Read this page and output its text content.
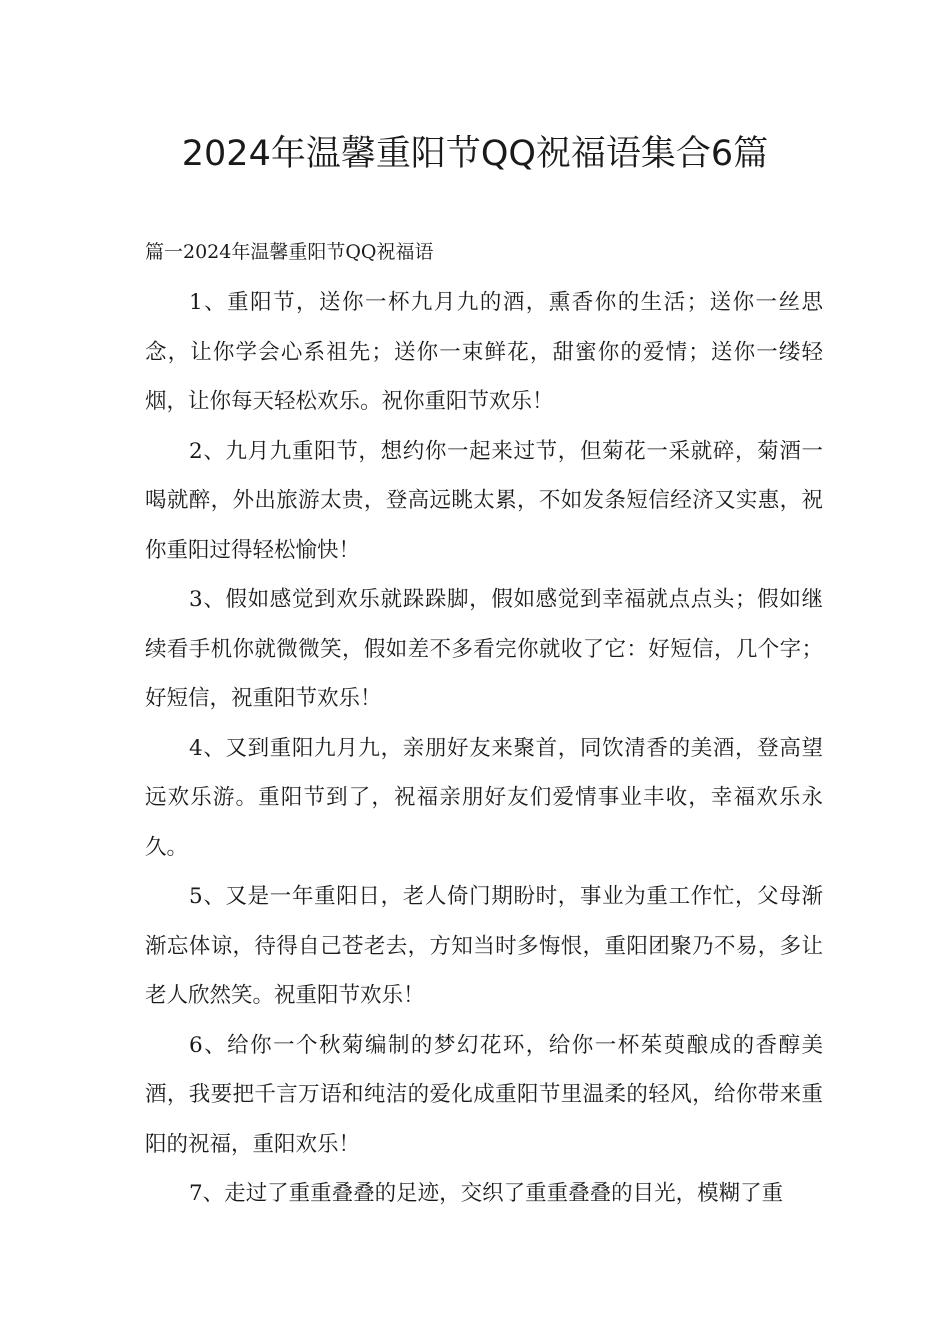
2024年温馨重阳节QQ祝福语集合6篇

篇一2024年温馨重阳节QQ祝福语

1、重阳节，送你一杯九月九的酒，熏香你的生活；送你一丝思念，让你学会心系祖先；送你一束鲜花，甜蜜你的爱情；送你一缕轻烟，让你每天轻松欢乐。祝你重阳节欢乐！

2、九月九重阳节，想约你一起来过节，但菊花一采就碎，菊酒一喝就醉，外出旅游太贵，登高远眺太累，不如发条短信经济又实惠，祝你重阳过得轻松愉快！

3、假如感觉到欢乐就跺跺脚，假如感觉到幸福就点点头；假如继续看手机你就微微笑，假如差不多看完你就收了它：好短信，几个字；好短信，祝重阳节欢乐！

4、又到重阳九月九，亲朋好友来聚首，同饮清香的美酒，登高望远欢乐游。重阳节到了，祝福亲朋好友们爱情事业丰收，幸福欢乐永久。

5、又是一年重阳日，老人倚门期盼时，事业为重工作忙，父母渐渐忘体谅，待得自己苍老去，方知当时多悔恨，重阳团聚乃不易，多让老人欣然笑。祝重阳节欢乐！

6、给你一个秋菊编制的梦幻花环，给你一杯茱萸酿成的香醇美酒，我要把千言万语和纯洁的爱化成重阳节里温柔的轻风，给你带来重阳的祝福，重阳欢乐！

7、走过了重重叠叠的足迹，交织了重重叠叠的目光，模糊了重
